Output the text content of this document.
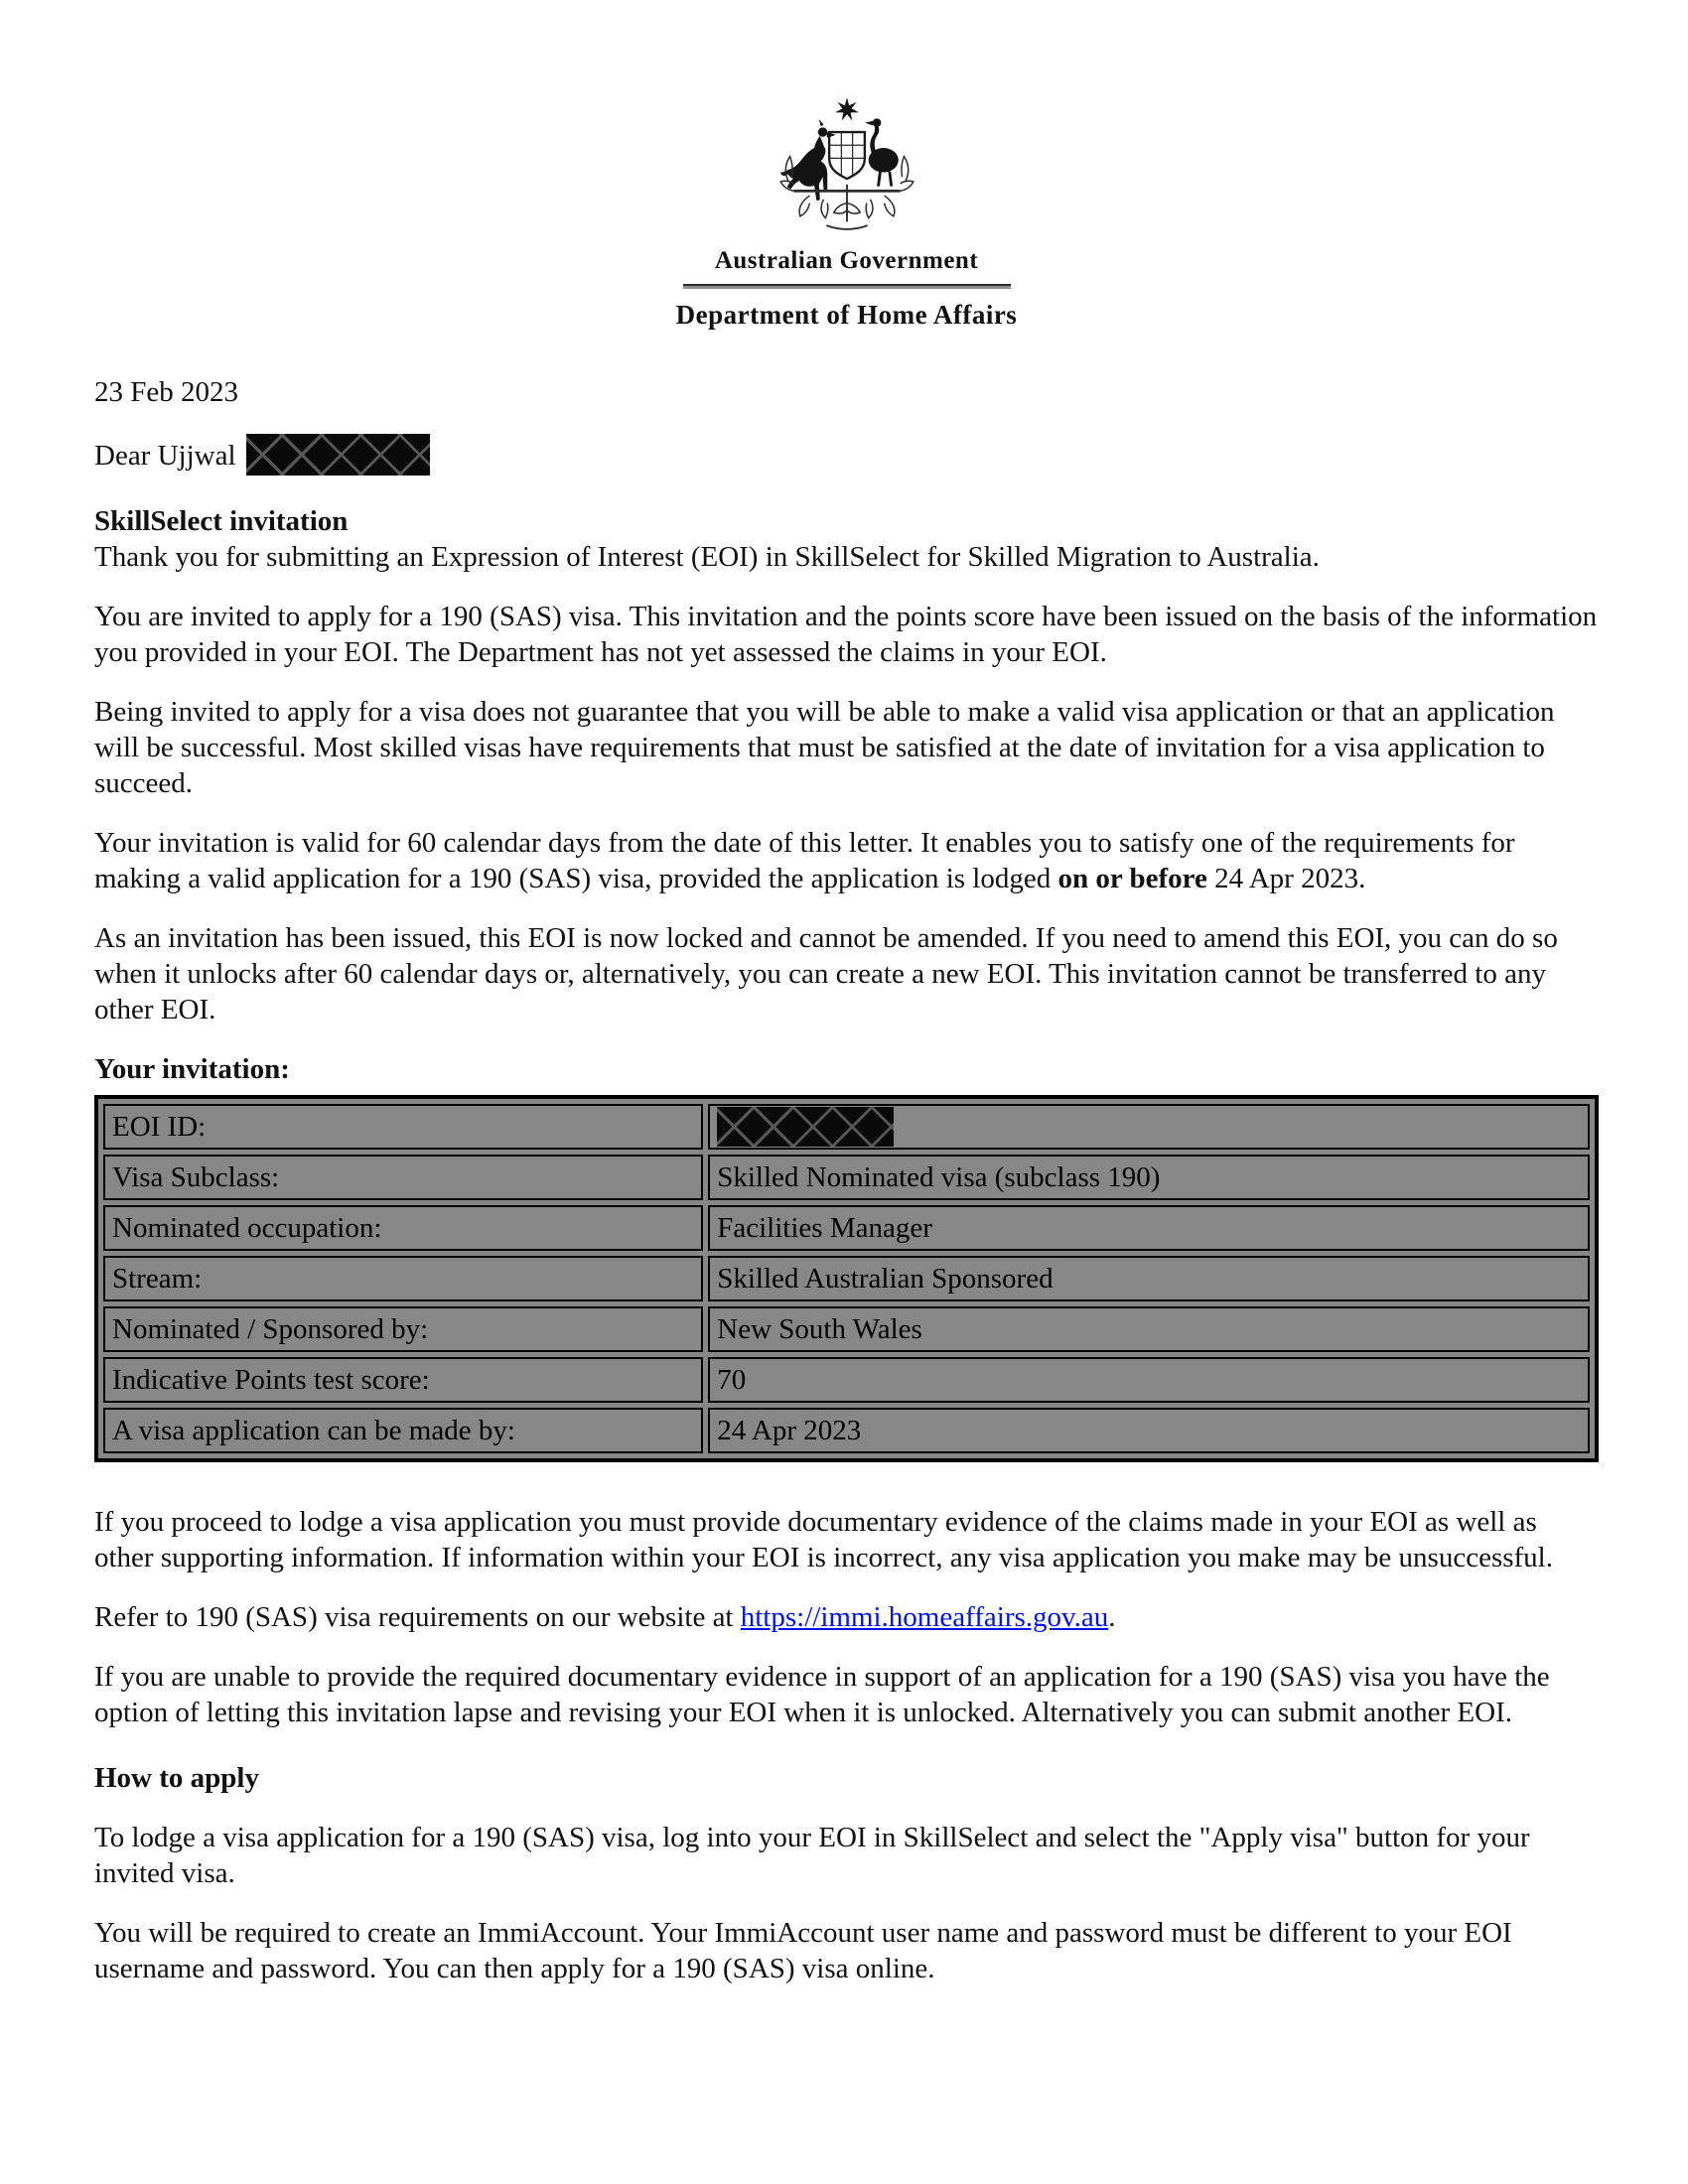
Australian Government
Department of Home Affairs
23 Feb 2023
Dear Ujjwal
SkillSelect invitation
Thank you for submitting an Expression of Interest (EOI) in SkillSelect for Skilled Migration to Australia.
You are invited to apply for a 190 (SAS) visa. This invitation and the points score have been issued on the basis of the information you provided in your EOI. The Department has not yet assessed the claims in your EOI.
Being invited to apply for a visa does not guarantee that you will be able to make a valid visa application or that an application will be successful. Most skilled visas have requirements that must be satisfied at the date of invitation for a visa application to succeed.
Your invitation is valid for 60 calendar days from the date of this letter. It enables you to satisfy one of the requirements for making a valid application for a 190 (SAS) visa, provided the application is lodged on or before 24 Apr 2023.
As an invitation has been issued, this EOI is now locked and cannot be amended. If you need to amend this EOI, you can do so when it unlocks after 60 calendar days or, alternatively, you can create a new EOI. This invitation cannot be transferred to any other EOI.
Your invitation:
EOI ID:	

Visa Subclass:	Skilled Nominated visa (subclass 190)
Nominated occupation:	Facilities Manager
Stream:	Skilled Australian Sponsored
Nominated / Sponsored by:	New South Wales
Indicative Points test score:	70
A visa application can be made by:	24 Apr 2023
If you proceed to lodge a visa application you must provide documentary evidence of the claims made in your EOI as well as other supporting information. If information within your EOI is incorrect, any visa application you make may be unsuccessful.
Refer to 190 (SAS) visa requirements on our website at https://immi.homeaffairs.gov.au.
If you are unable to provide the required documentary evidence in support of an application for a 190 (SAS) visa you have the option of letting this invitation lapse and revising your EOI when it is unlocked. Alternatively you can submit another EOI.
How to apply
To lodge a visa application for a 190 (SAS) visa, log into your EOI in SkillSelect and select the "Apply visa" button for your invited visa.
You will be required to create an ImmiAccount. Your ImmiAccount user name and password must be different to your EOI username and password. You can then apply for a 190 (SAS) visa online.
